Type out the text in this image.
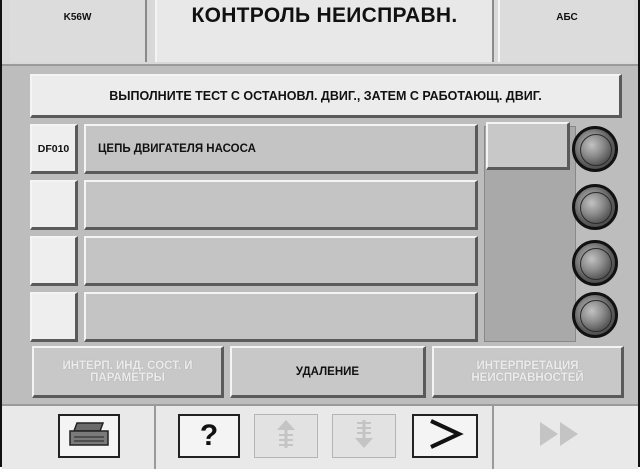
K56W	КОНТРОЛЬ НЕИСПРАВН.	АБС
ВЫПОЛНИТЕ ТЕСТ С ОСТАНОВЛ. ДВИГ., ЗАТЕМ С РАБОТАЮЩ. ДВИГ.
DF010	ЦЕПЬ ДВИГАТЕЛЯ НАСОСА
ИНТЕРП. ИНД. СОСТ. И ПАРАМЕТРЫ	УДАЛЕНИЕ	ИНТЕРПРЕТАЦИЯ НЕИСПРАВНОСТЕЙ
?
